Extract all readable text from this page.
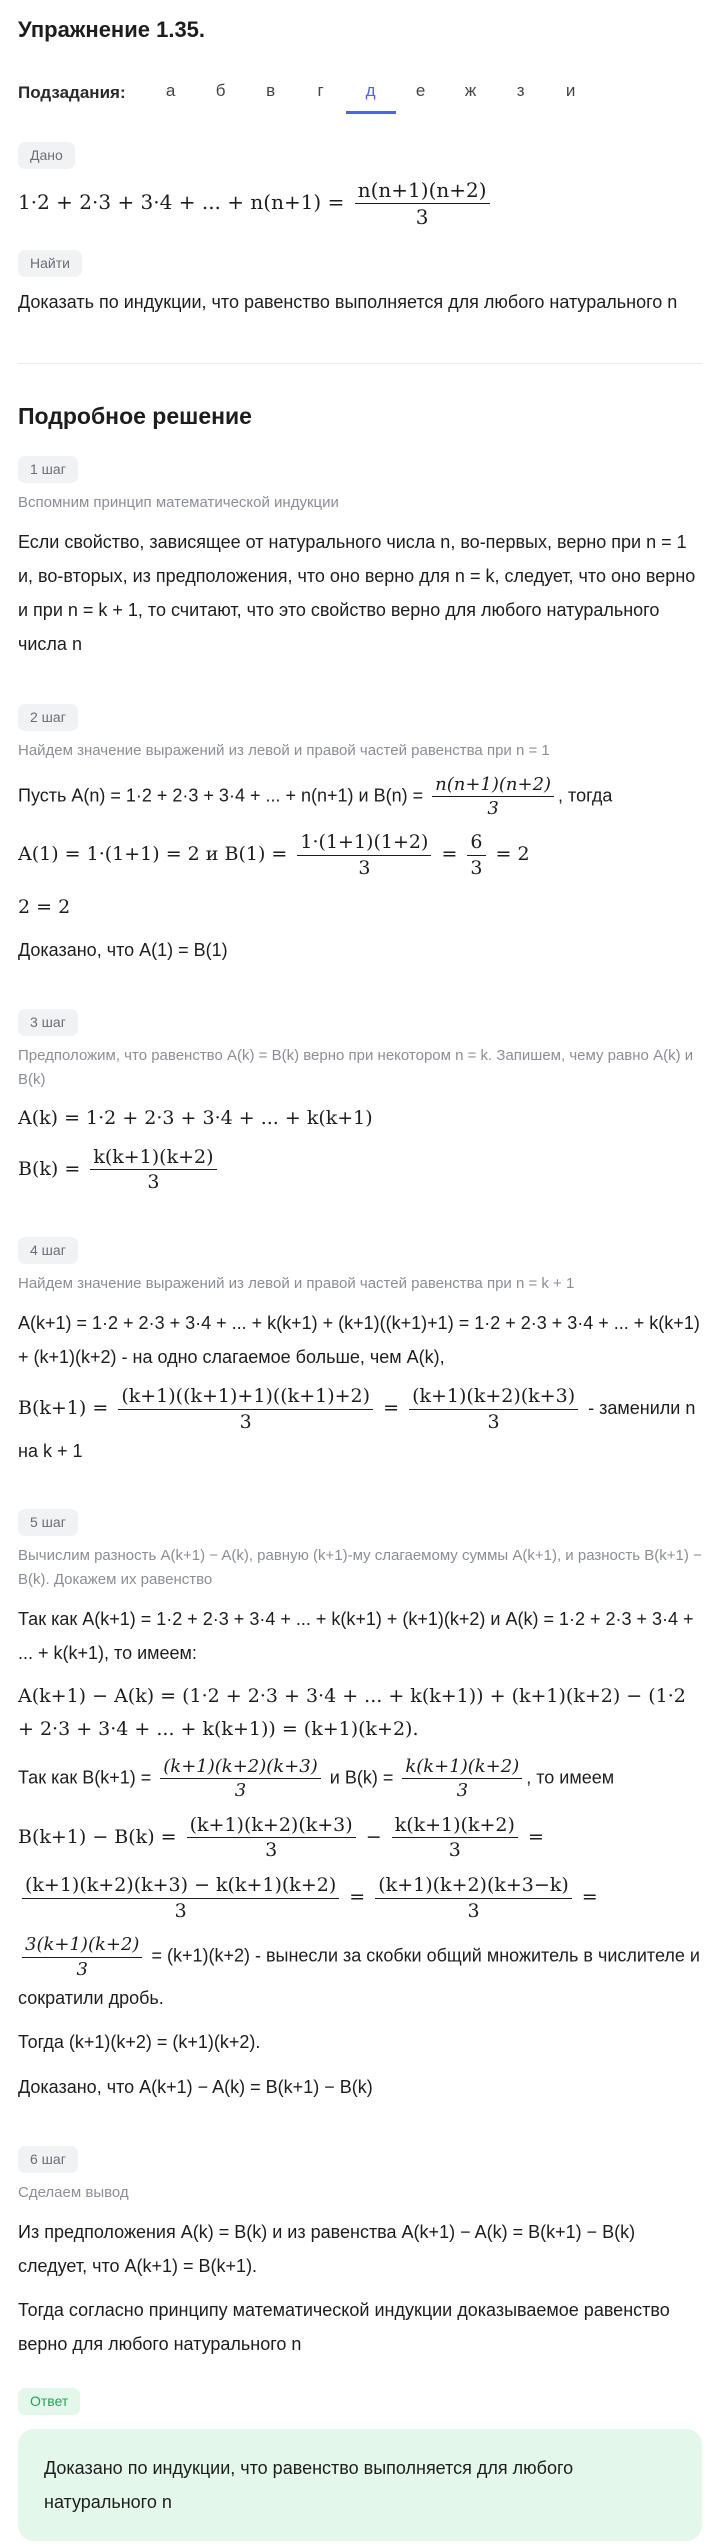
Упражнение 1.35.
Подзадания:	а	б	в	г	д	е	ж	з	и
Дано
1·2 + 2·3 + 3·4 + ... + $n(n+1) = \frac{n(n+1)(n+2)}{3}$
Найти
Доказать по индукции, что равенство выполняется для любого натурального n
Подробное решение
1 шаг
Вспомним принцип математической индукции
Если свойство, зависящее от натурального числа n, во‑первых, верно при n = 1 и, во‑вторых, из предположения, что оно верно для n = k, следует, что оно верно и при n = k + 1, то считают, что это свойство верно для любого натурального числа n
2 шаг
Найдем значение выражений из левой и правой частей равенства при n = 1
Пусть A(n) = 1·2 + 2·3 + 3·4 + ... + n(n+1) и $B(n) = \frac{n(n+1)(n+2)}{3}$ , тогда
A(1) = 1·(1+1) = 2 и $B(1) = \frac{1\cdot(1+1)(1+2)}{3} = \frac{6}{3} = 2$
2 = 2
Доказано, что A(1) = B(1)
3 шаг
Предположим, что равенство A(k) = B(k) верно при некотором n = k. Запишем, чему равно A(k) и B(k)
A(k) = 1·2 + 2·3 + 3·4 + ... + k(k+1)
$B(k) = \frac{k(k+1)(k+2)}{3}$
4 шаг
Найдем значение выражений из левой и правой частей равенства при n = k + 1
A(k+1) = 1·2 + 2·3 + 3·4 + ... + k(k+1) + (k+1)((k+1)+1) = 1·2 + 2·3 + 3·4 + ... + k(k+1) + (k+1)(k+2) - на одно слагаемое больше, чем A(k),
$B(k+1) = \frac{(k+1)((k+1)+1)((k+1)+2)}{3} = \frac{(k+1)(k+2)(k+3)}{3}$ - заменили n на k + 1
5 шаг
Вычислим разность A(k+1) − A(k), равную (k+1)-му слагаемому суммы A(k+1), и разность B(k+1) − B(k). Докажем их равенство
Так как A(k+1) = 1·2 + 2·3 + 3·4 + ... + k(k+1) + (k+1)(k+2) и A(k) = 1·2 + 2·3 + 3·4 + ... + k(k+1), то имеем:
A(k+1) − A(k) = (1·2 + 2·3 + 3·4 + ... + k(k+1)) + (k+1)(k+2) − (1·2 + 2·3 + 3·4 + ... + k(k+1)) = (k+1)(k+2).
Так как $B(k+1) = \frac{(k+1)(k+2)(k+3)}{3}$ и $B(k) = \frac{k(k+1)(k+2)}{3}$ , то имеем
$B(k+1) - B(k) = \frac{(k+1)(k+2)(k+3)}{3} - \frac{k(k+1)(k+2)}{3}$ =
$\frac{(k+1)(k+2)(k+3) - k(k+1)(k+2)}{3} = \frac{(k+1)(k+2)(k+3-k)}{3}$ =
$\frac{3(k+1)(k+2)}{3} = (k+1)(k+2)$ - вынесли за скобки общий множитель в числителе и сократили дробь.
Тогда (k+1)(k+2) = (k+1)(k+2).
Доказано, что A(k+1) − A(k) = B(k+1) − B(k)
6 шаг
Сделаем вывод
Из предположения A(k) = B(k) и из равенства A(k+1) − A(k) = B(k+1) − B(k) следует, что A(k+1) = B(k+1).
Тогда согласно принципу математической индукции доказываемое равенство верно для любого натурального n
Ответ
Доказано по индукции, что равенство выполняется для любого натурального n
